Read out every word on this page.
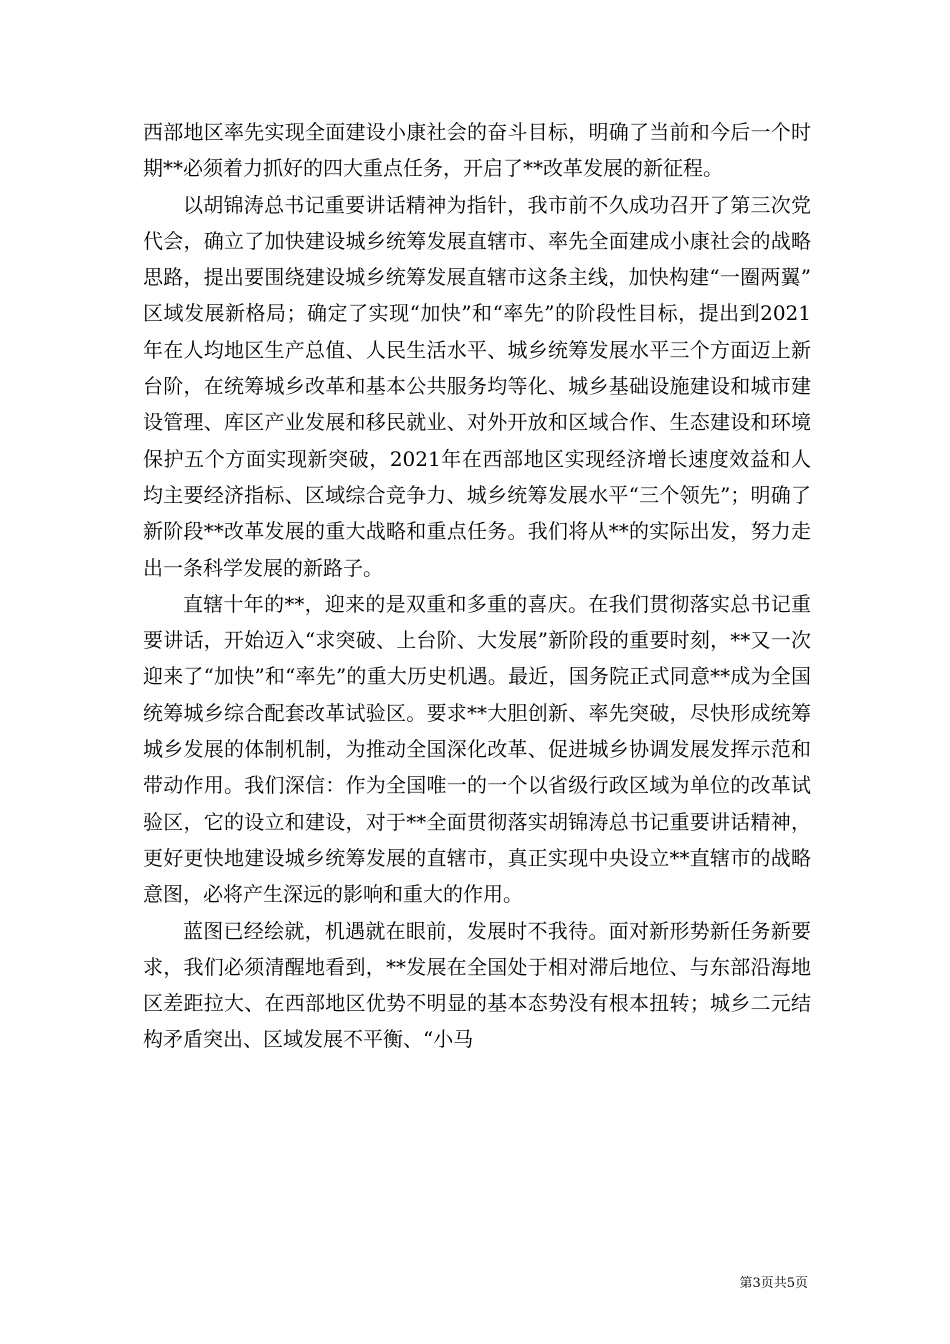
西部地区率先实现全面建设小康社会的奋斗目标，明确了当前和今后一个时期**必须着力抓好的四大重点任务，开启了**改革发展的新征程。

以胡锦涛总书记重要讲话精神为指针，我市前不久成功召开了第三次党代会，确立了加快建设城乡统筹发展直辖市、率先全面建成小康社会的战略思路，提出要围绕建设城乡统筹发展直辖市这条主线，加快构建“一圈两翼”区域发展新格局；确定了实现“加快”和“率先”的阶段性目标，提出到2021年在人均地区生产总值、人民生活水平、城乡统筹发展水平三个方面迈上新台阶，在统筹城乡改革和基本公共服务均等化、城乡基础设施建设和城市建设管理、库区产业发展和移民就业、对外开放和区域合作、生态建设和环境保护五个方面实现新突破，2021年在西部地区实现经济增长速度效益和人均主要经济指标、区域综合竞争力、城乡统筹发展水平“三个领先”；明确了新阶段**改革发展的重大战略和重点任务。我们将从**的实际出发，努力走出一条科学发展的新路子。

直辖十年的**，迎来的是双重和多重的喜庆。在我们贯彻落实总书记重要讲话，开始迈入“求突破、上台阶、大发展”新阶段的重要时刻，**又一次迎来了“加快”和“率先”的重大历史机遇。最近，国务院正式同意**成为全国统筹城乡综合配套改革试验区。要求**大胆创新、率先突破，尽快形成统筹城乡发展的体制机制，为推动全国深化改革、促进城乡协调发展发挥示范和带动作用。我们深信：作为全国唯一的一个以省级行政区域为单位的改革试验区，它的设立和建设，对于**全面贯彻落实胡锦涛总书记重要讲话精神，更好更快地建设城乡统筹发展的直辖市，真正实现中央设立**直辖市的战略意图，必将产生深远的影响和重大的作用。

蓝图已经绘就，机遇就在眼前，发展时不我待。面对新形势新任务新要求，我们必须清醒地看到，**发展在全国处于相对滞后地位、与东部沿海地区差距拉大、在西部地区优势不明显的基本态势没有根本扭转；城乡二元结构矛盾突出、区域发展不平衡、“小马

第3页共5页
